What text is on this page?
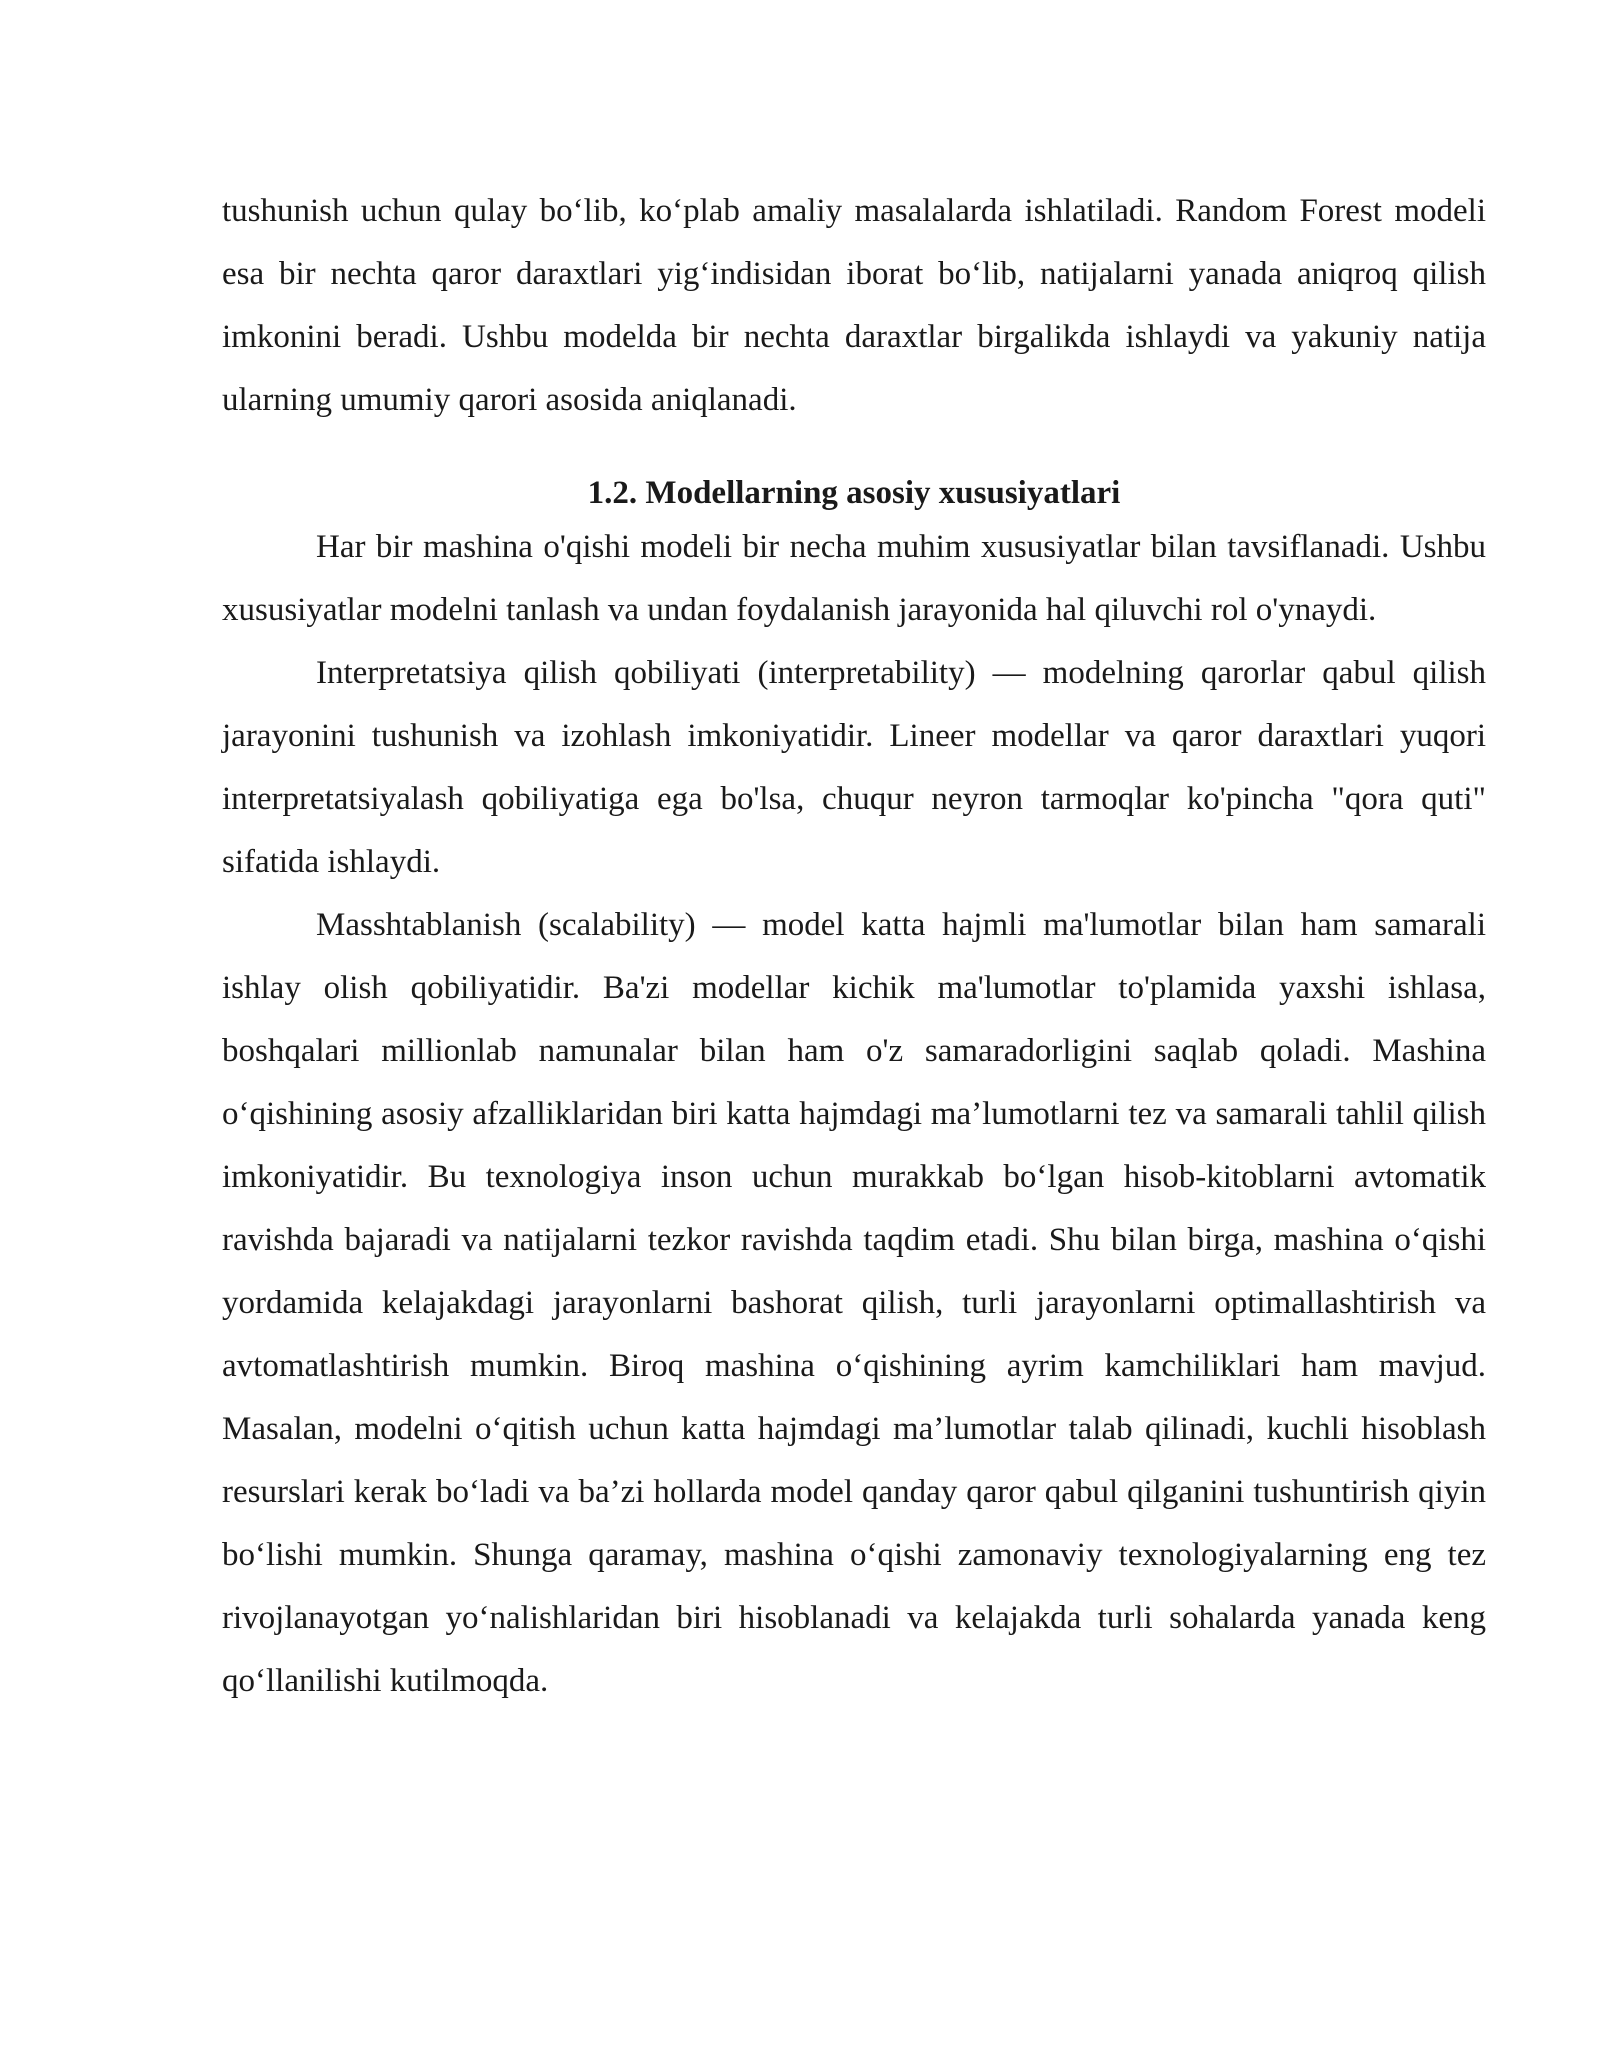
tushunish uchun qulay bo‘lib, ko‘plab amaliy masalalarda ishlatiladi. Random Forest modeli esa bir nechta qaror daraxtlari yig‘indisidan iborat bo‘lib, natijalarni yanada aniqroq qilish imkonini beradi. Ushbu modelda bir nechta daraxtlar birgalikda ishlaydi va yakuniy natija ularning umumiy qarori asosida aniqlanadi.

1.2. Modellarning asosiy xususiyatlari

Har bir mashina o'qishi modeli bir necha muhim xususiyatlar bilan tavsiflanadi. Ushbu xususiyatlar modelni tanlash va undan foydalanish jarayonida hal qiluvchi rol o'ynaydi.

Interpretatsiya qilish qobiliyati (interpretability) — modelning qarorlar qabul qilish jarayonini tushunish va izohlash imkoniyatidir. Lineer modellar va qaror daraxtlari yuqori interpretatsiyalash qobiliyatiga ega bo'lsa, chuqur neyron tarmoqlar ko'pincha "qora quti" sifatida ishlaydi.

Masshtablanish (scalability) — model katta hajmli ma'lumotlar bilan ham samarali ishlay olish qobiliyatidir. Ba'zi modellar kichik ma'lumotlar to'plamida yaxshi ishlasa, boshqalari millionlab namunalar bilan ham o'z samaradorligini saqlab qoladi. Mashina o‘qishining asosiy afzalliklaridan biri katta hajmdagi ma’lumotlarni tez va samarali tahlil qilish imkoniyatidir. Bu texnologiya inson uchun murakkab bo‘lgan hisob-kitoblarni avtomatik ravishda bajaradi va natijalarni tezkor ravishda taqdim etadi. Shu bilan birga, mashina o‘qishi yordamida kelajakdagi jarayonlarni bashorat qilish, turli jarayonlarni optimallashtirish va avtomatlashtirish mumkin. Biroq mashina o‘qishining ayrim kamchiliklari ham mavjud. Masalan, modelni o‘qitish uchun katta hajmdagi ma’lumotlar talab qilinadi, kuchli hisoblash resurslari kerak bo‘ladi va ba’zi hollarda model qanday qaror qabul qilganini tushuntirish qiyin bo‘lishi mumkin. Shunga qaramay, mashina o‘qishi zamonaviy texnologiyalarning eng tez rivojlanayotgan yo‘nalishlaridan biri hisoblanadi va kelajakda turli sohalarda yanada keng qo‘llanilishi kutilmoqda.
